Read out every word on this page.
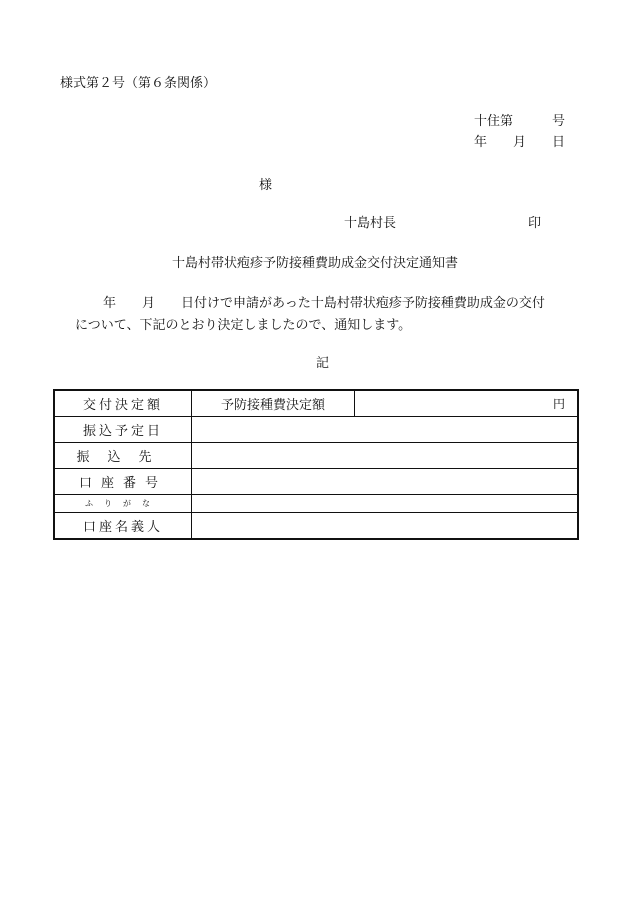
様式第２号（第６条関係）
十住第　　　号
年　　月　　日
様
十島村長	印
十島村帯状疱疹予防接種費助成金交付決定通知書
年　　月　　日付けで申請があった十島村帯状疱疹予防接種費助成金の交付
について、下記のとおり決定しましたので、通知します。
記
交付決定額	予防接種費決定額	円
振込予定日		
振込先		
口座番号		
ふりがな		
口座名義人		
